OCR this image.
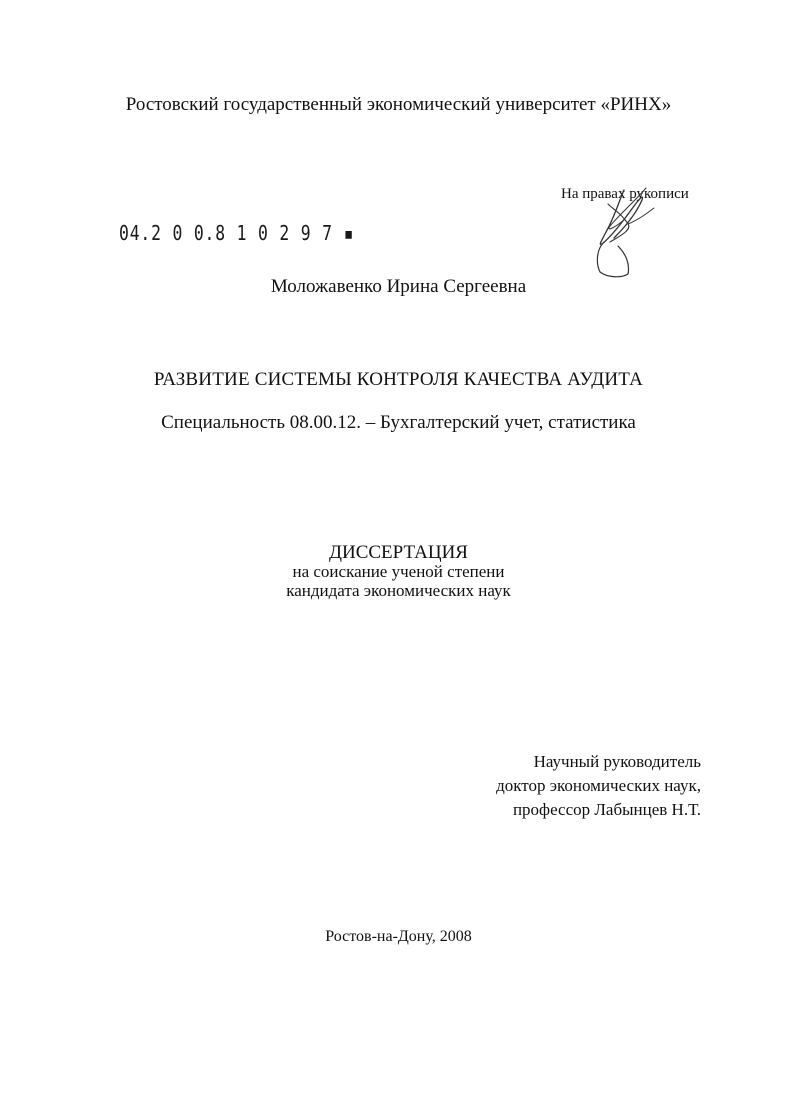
Ростовский государственный экономический университет «РИНХ»
На правах рукописи
04.2 0 0.8 1 0 2 9 7 ▪
Моложавенко Ирина Сергеевна
РАЗВИТИЕ СИСТЕМЫ КОНТРОЛЯ КАЧЕСТВА АУДИТА
Специальность 08.00.12. – Бухгалтерский учет, статистика
ДИССЕРТАЦИЯ
на соискание ученой степени
кандидата экономических наук
Научный руководитель
доктор экономических наук,
профессор Лабынцев Н.Т.
Ростов-на-Дону, 2008
